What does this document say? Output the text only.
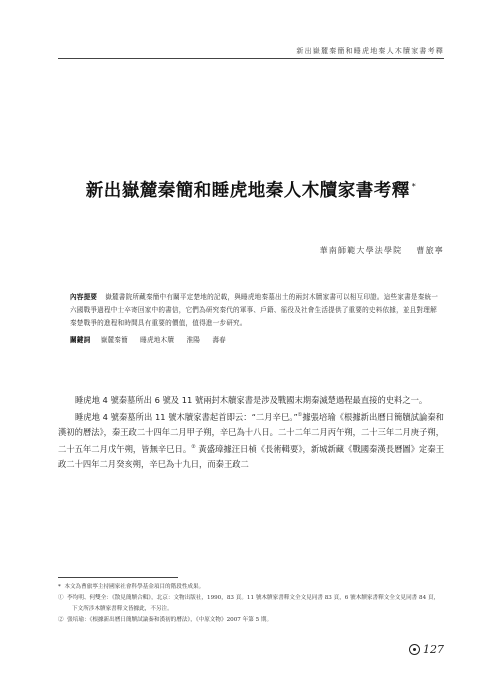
新出嶽麓秦簡和睡虎地秦人木牘家書考釋
新出嶽麓秦簡和睡虎地秦人木牘家書考釋 *
華南師範大學法學院 曹旅寧
內容提要 嶽麓書院所藏秦簡中有關平定楚地的記載，與睡虎地秦墓出土的兩封木牘家書可以相互印證。這些家書是秦統一六國戰爭過程中士卒寄回家中的書信，它們為研究秦代的軍事、戶籍、徭役及社會生活提供了重要的史料依據，並且對理解秦楚戰爭的進程和時間具有重要的價值，值得進一步研究。
關鍵詞 嶽麓秦簡 睡虎地木牘 淮陽 壽春

睡虎地 4 號秦墓所出 6 號及 11 號兩封木牘家書是涉及戰國末期秦滅楚過程最直接的史料之一。

睡虎地 4 號秦墓所出 11 號木牘家書起首即云：“二月辛巳。”①據張培瑜《根據新出曆日簡牘試論秦和漢初的曆法》，秦王政二十四年二月甲子朔，辛巳為十八日。二十二年二月丙午朔，二十三年二月庚子朔，二十五年二月戊午朔，皆無辛巳日。② 黃盛璋據汪日楨《長術輯要》，新城新藏《戰國秦漢長曆圖》定秦王政二十四年二月癸亥朔，辛巳為十九日，而秦王政二

* 本文為曹旅寧主持國家社會科學基金項目的階段性成果。
① 李均明、何雙全：《散見簡牘合輯》，北京：文物出版社，1990，83 頁。11 號木牘家書釋文全文見同書 83 頁，6 號木牘家書釋文全文見同書 84 頁，下文所涉木牘家書釋文皆據此，不另注。
② 張培瑜：《根據新出曆日簡牘試論秦和漢初的曆法》，《中原文物》2007 年第 5 期。
127
